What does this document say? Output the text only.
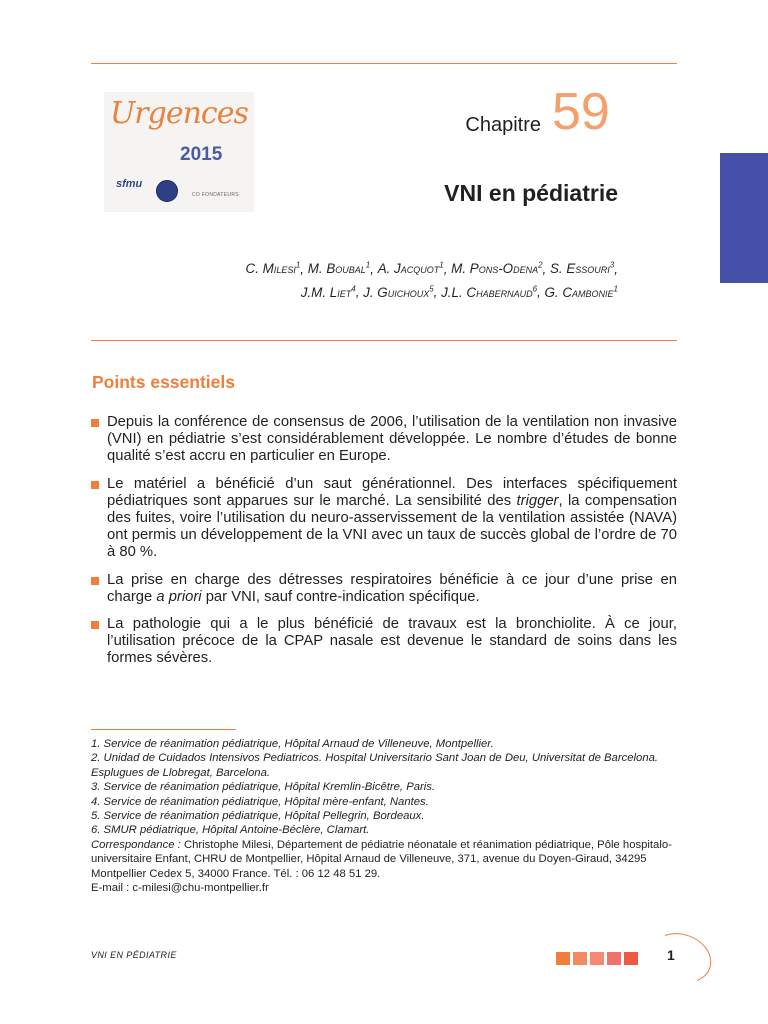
Urgences
2015
sfmu
CO FONDATEURS
Chapitre 59
VNI en pédiatrie
C. Milesi$^1$, M. Boubal$^1$, A. Jacquot$^1$, M. Pons-Odena$^2$, S. Essouri$^3$,
J.M. Liet$^4$, J. Guichoux$^5$, J.L. Chabernaud$^6$, G. Cambonie$^1$
Points essentiels
Depuis la conférence de consensus de 2006, l’utilisation de la ventilation non invasive (VNI) en pédiatrie s’est considérablement développée. Le nombre d’études de bonne qualité s’est accru en particulier en Europe.
Le matériel a bénéficié d’un saut générationnel. Des interfaces spécifiquement pédiatriques sont apparues sur le marché. La sensibilité des trigger, la compensation des fuites, voire l’utilisation du neuro-asservissement de la ventilation assistée (NAVA) ont permis un développement de la VNI avec un taux de succès global de l’ordre de 70 à 80 %.
La prise en charge des détresses respiratoires bénéficie à ce jour d’une prise en charge a priori par VNI, sauf contre-indication spécifique.
La pathologie qui a le plus bénéficié de travaux est la bronchiolite. À ce jour, l’utilisation précoce de la CPAP nasale est devenue le standard de soins dans les formes sévères.
1. Service de réanimation pédiatrique, Hôpital Arnaud de Villeneuve, Montpellier.
2. Unidad de Cuidados Intensivos Pediatricos. Hospital Universitario Sant Joan de Deu, Universitat de Barcelona. Esplugues de Llobregat, Barcelona.
3. Service de réanimation pédiatrique, Hôpital Kremlin-Bicêtre, Paris.
4. Service de réanimation pédiatrique, Hôpital mère-enfant, Nantes.
5. Service de réanimation pédiatrique, Hôpital Pellegrin, Bordeaux.
6. SMUR pédiatrique, Hôpital Antoine-Béclère, Clamart.
Correspondance : Christophe Milesi, Département de pédiatrie néonatale et réanimation pédiatrique, Pôle hospitalo-universitaire Enfant, CHRU de Montpellier, Hôpital Arnaud de Villeneuve, 371, avenue du Doyen-Giraud, 34295 Montpellier Cedex 5, 34000 France. Tél. : 06 12 48 51 29.
E-mail : c-milesi@chu-montpellier.fr
VNI EN PÉDIATRIE	1
